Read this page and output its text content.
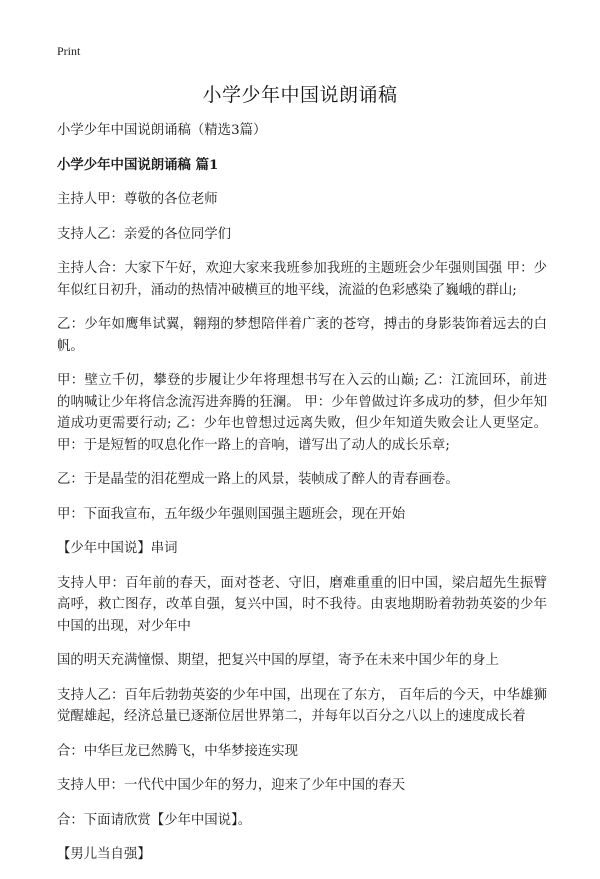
Print
小学少年中国说朗诵稿

小学少年中国说朗诵稿（精选3篇）

小学少年中国说朗诵稿 篇1

主持人甲：尊敬的各位老师

支持人乙：亲爱的各位同学们

主持人合：大家下午好，欢迎大家来我班参加我班的主题班会少年强则国强 甲：少年似红日初升，涌动的热情冲破横亘的地平线，流溢的色彩感染了巍峨的群山;

乙：少年如鹰隼试翼，翱翔的梦想陪伴着广袤的苍穹，搏击的身影装饰着远去的白帆。

甲：壁立千仞，攀登的步履让少年将理想书写在入云的山巅; 乙：江流回环，前进的呐喊让少年将信念流泻进奔腾的狂澜。 甲：少年曾做过许多成功的梦，但少年知道成功更需要行动; 乙：少年也曾想过远离失败，但少年知道失败会让人更坚定。 甲：于是短暂的叹息化作一路上的音响，谱写出了动人的成长乐章;

乙：于是晶莹的泪花塑成一路上的风景，装帧成了醉人的青春画卷。

甲：下面我宣布，五年级少年强则国强主题班会，现在开始

【少年中国说】串词

支持人甲：百年前的春天，面对苍老、守旧，磨难重重的旧中国，梁启超先生振臂高呼，救亡图存，改革自强，复兴中国，时不我待。由衷地期盼着勃勃英姿的少年中国的出现，对少年中

国的明天充满憧憬、期望，把复兴中国的厚望，寄予在未来中国少年的身上

支持人乙：百年后勃勃英姿的少年中国，出现在了东方， 百年后的今天，中华雄狮觉醒雄起，经济总量已逐渐位居世界第二，并每年以百分之八以上的速度成长着

合：中华巨龙已然腾飞，中华梦接连实现

支持人甲：一代代中国少年的努力，迎来了少年中国的春天

合：下面请欣赏【少年中国说】。

【男儿当自强】
